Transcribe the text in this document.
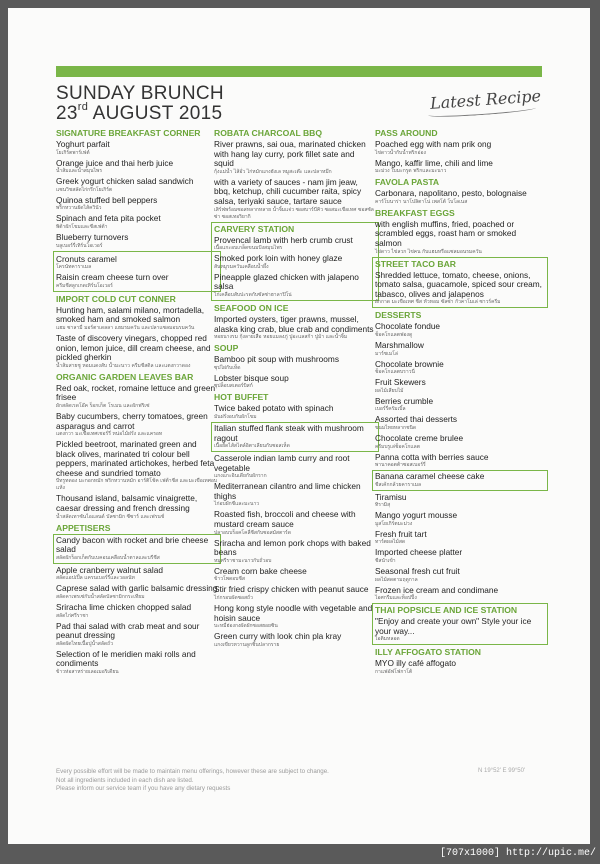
SUNDAY BRUNCH
23rd AUGUST 2015
Latest Recipe
SIGNATURE BREAKFAST CORNER
Yoghurt parfait
โยเกิร์ตพาร์เฟต์
Orange juice and thai herb juice
น้ำส้มและน้ำสมุนไพร
Greek yogurt chicken salad sandwich
แซนวิชสลัดไก่กรีกโยเกิร์ต
Quinoa stuffed bell peppers
พริกหวานยัดไส้ควินัว
Spinach and feta pita pocket
พิต้าผักโขมและชีสเฟต้า
Blueberry turnovers
บลูเบอร์รี่เทิร์นโอเวอร์
Cronuts caramel
โครนัทคาราเมล
Raisin cream cheese turn over
ครีมชีสลูกเกดเทิร์นโอเวอร์
IMPORT COLD CUT CONNER
Hunting ham, salami milano, mortadella, smoked ham and smoked salmon
แฮม ซาลามี่ มอร์ตาเดลลา แฮมรมควัน และปลาแซลมอนรมควัน
Taste of discovery vinegars, chopped red onion, lemon juice, dill cream cheese, and pickled gherkin
น้ำส้มสายชู หอมแดงสับ น้ำมะนาว ครีมชีสดิล และแตงกวาดอง
ORGANIC GARDEN LEAVES BAR
Red oak, rocket, romaine lettuce and green frisee
ผักสลัดเรดโอ๊ค ร็อกเก็ต โรเมน และผักฟริเซ่
Baby cucumbers, cherry tomatoes, green asparagus and carrot
แตงกวา มะเขือเทศเชอร์รี่ หน่อไม้ฝรั่ง และแครอท
Pickled beetroot, marinated green and black olives, marinated tri colour bell peppers, marinated artichokes, herbed feta cheese and sundried tomato
บีทรูทดอง มะกอกหมัก พริกหวานหมัก อาร์ติโช้ค เฟต้าชีส และมะเขือเทศอบแห้ง
Thousand island, balsamic vinaigrette, caesar dressing and french dressing
น้ำสลัดเทาซันไอแลนด์ บัลซามิก ซีซาร์ และเฟรนช์
APPETISERS
Candy bacon with rocket and brie cheese salad
สลัดผักร็อกเก็ตกับเบคอนเคลือบน้ำตาลและบรีชีส
Apple cranberry walnut salad
สลัดแอปเปิ้ล แครนเบอร์รี่และวอลนัท
Caprese salad with garlic balsamic dressing
สลัดคาเพรเซ่กับน้ำสลัดบัลซามิกกระเทียม
Sriracha lime chicken chopped salad
สลัดไก่ศรีราชา
Pad thai salad with crab meat and sour peanut dressing
สลัดผัดไทยเนื้อปูน้ำสลัดถั่ว
Selection of le meridien maki rolls and condiments
ข้าวห่อสาหร่ายเลอเมอริเดียน
ROBATA CHARCOAL BBQ
River prawns, sai oua, marinated chicken with hang lay curry, pork fillet sate and squid
กุ้งแม่น้ำ ไส้อั่ว ไก่หมักแกงฮังเล หมูสะเต๊ะ และปลาหมึก
with a variety of sauces - nam jim jeaw, bbq, ketchup, chili cucumber raita, spicy salsa, teriyaki sauce, tartare sauce
เสิร์ฟพร้อมซอสหลากหลาย น้ำจิ้มแจ่ว ซอสบาร์บีคิว ซอสมะเขือเทศ ซอสซัลซ่า ซอสเทอริยากิ
CARVERY STATION
Provencal lamb with herb crumb crust
เนื้อแกะอบเกล็ดขนมปังสมุนไพร
Smoked pork loin with honey glaze
สันหมูรมควันเคลือบน้ำผึ้ง
Pineapple glazed chicken with jalapeno salsa
ไก่เคลือบสับปะรดกับซัลซ่าฮาลาปิโน่
SEAFOOD ON ICE
Imported oysters, tiger prawns, mussel, alaska king crab, blue crab and condiments
หอยนางรม กุ้งลายเสือ หอยแมลงภู่ ปูอะแลสก้า ปูม้า และน้ำจิ้ม
SOUP
Bamboo pit soup with mushrooms
ซุปไผ่กับเห็ด
Lobster bisque soup
ซุปล็อบสเตอร์บิสก์
HOT BUFFET
Twice baked potato with spinach
มันฝรั่งอบกับผักโขม
Italian stuffed flank steak with mushroom ragout
เนื้อยัดไส้สไตล์อิตาเลียนกับซอสเห็ด
Casserole indian lamb curry and root vegetable
แกงแกะอินเดียกับผักราก
Mediterranean cilantro and lime chicken thighs
ไก่อบผักชีและมะนาว
Roasted fish, broccoli and cheese with mustard cream sauce
ปลาอบบร็อคโคลี่ชีสกับซอสมัสตาร์ด
Sriracha and lemon pork chops with baked beans
หมูศรีราชามะนาวกับถั่วอบ
Cream corn bake cheese
ข้าวโพดอบชีส
Stir fried crispy chicken with peanut sauce
ไก่กรอบผัดซอสถั่ว
Hong kong style noodle with vegetable and hoisin sauce
บะหมี่ฮ่องกงผัดผักซอสฮอยซิน
Green curry with look chin pla kray
แกงเขียวหวานลูกชิ้นปลากราย
PASS AROUND
Poached egg with nam prik ong
ไข่ดาวน้ำกับน้ำพริกอ่อง
Mango, kaffir lime, chili and lime
มะม่วง ใบมะกรูด พริกและมะนาว
FAVOLA PASTA
Carbonara, napolitano, pesto, bolognaise
คาร์โบนาร่า นาโปลิตาโน่ เพสโต้ โบโลเนส
BREAKFAST EGGS
with english muffins, fried, poached or scrambled eggs, roast ham or smoked salmon
ไข่ดาว ไข่ลวก ไข่คน กับแฮมหรือแซลมอนรมควัน
STREET TACO BAR
Shredded lettuce, tomato, cheese, onions, tomato salsa, guacamole, spiced sour cream, tabasco, olives and jalapenos
ผักกาด มะเขือเทศ ชีส หัวหอม ซัลซ่า กัวคาโมเล่ ซาวร์ครีม
DESSERTS
Chocolate fondue
ช็อคโกแลตฟองดู
Marshmallow
มาร์ชเมโล่
Chocolate brownie
ช็อคโกแลตบราวนี่
Fruit Skewers
ผลไม้เสียบไม้
Berries crumble
เบอร์รี่ครัมเบิ้ล
Assorted thai desserts
ขนมไทยหลากชนิด
Chocolate creme brulee
ครีมบรูเล่ช็อคโกแลต
Panna cotta with berries sauce
พานาคอตต้าซอสเบอร์รี่
Banana caramel cheese cake
ชีสเค้กกล้วยคาราเมล
Tiramisu
ทิรามิสุ
Mango yogurt mousse
มูสโยเกิร์ตมะม่วง
Fresh fruit tart
ทาร์ตผลไม้สด
Imported cheese platter
ชีสนำเข้า
Seasonal fresh cut fruit
ผลไม้สดตามฤดูกาล
Frozen ice cream and condimane
ไอศกรีมและท็อปปิ้ง
THAI POPSICLE AND ICE STATION
"Enjoy and create your own" Style your ice your way...
ไอติมหลอด
ILLY AFFOGATO STATION
MYO illy café affogato
กาแฟอัฟโฟกาโต้
Every possible effort will be made to maintain menu offerings, however these are subject to change.
Not all ingredients included in each dish are listed.
Please inform our service team if you have any dietary requests
N 19°52' E 99°50'
[707x1000] http://upic.me/
